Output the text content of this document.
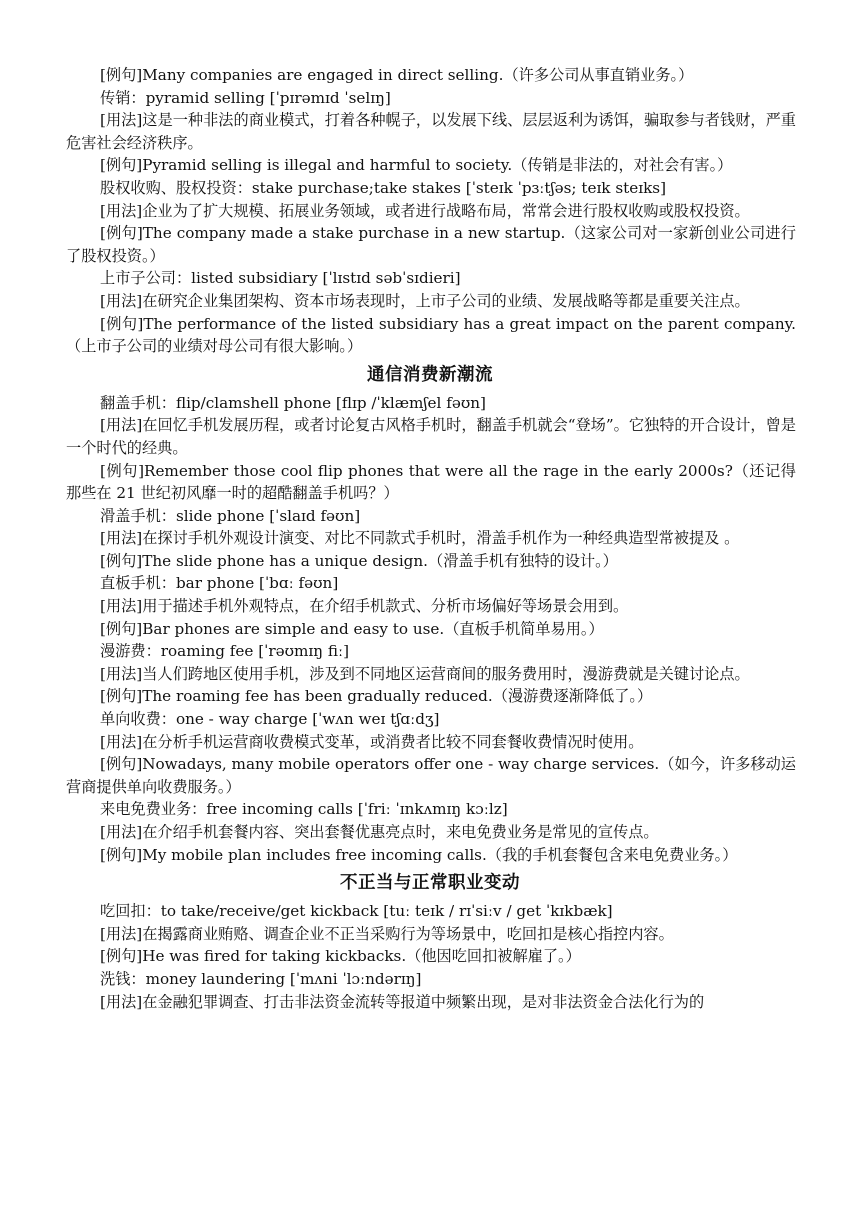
[例句]Many companies are engaged in direct selling.（许多公司从事直销业务。）
传销：pyramid selling [ˈpɪrəmɪd ˈselɪŋ]
[用法]这是一种非法的商业模式，打着各种幌子，以发展下线、层层返利为诱饵，骗取参与者钱财，严重危害社会经济秩序。
[例句]Pyramid selling is illegal and harmful to society.（传销是非法的，对社会有害。）
股权收购、股权投资：stake purchase;take stakes [ˈsteɪk ˈpɜːtʃəs; teɪk steɪks]
[用法]企业为了扩大规模、拓展业务领域，或者进行战略布局，常常会进行股权收购或股权投资。
[例句]The company made a stake purchase in a new startup.（这家公司对一家新创业公司进行了股权投资。）
上市子公司：listed subsidiary [ˈlɪstɪd səbˈsɪdieri]
[用法]在研究企业集团架构、资本市场表现时，上市子公司的业绩、发展战略等都是重要关注点。
[例句]The performance of the listed subsidiary has a great impact on the parent company.（上市子公司的业绩对母公司有很大影响。）
通信消费新潮流
翻盖手机：flip/clamshell phone [flɪp /ˈklæmʃel fəʊn]
[用法]在回忆手机发展历程，或者讨论复古风格手机时，翻盖手机就会“登场”。它独特的开合设计，曾是一个时代的经典。
[例句]Remember those cool flip phones that were all the rage in the early 2000s?（还记得那些在 21 世纪初风靡一时的超酷翻盖手机吗？）
滑盖手机：slide phone [ˈslaɪd fəʊn]
[用法]在探讨手机外观设计演变、对比不同款式手机时，滑盖手机作为一种经典造型常被提及 。
[例句]The slide phone has a unique design.（滑盖手机有独特的设计。）
直板手机：bar phone [ˈbɑː fəʊn]
[用法]用于描述手机外观特点，在介绍手机款式、分析市场偏好等场景会用到。
[例句]Bar phones are simple and easy to use.（直板手机简单易用。）
漫游费：roaming fee [ˈrəʊmɪŋ fiː]
[用法]当人们跨地区使用手机，涉及到不同地区运营商间的服务费用时，漫游费就是关键讨论点。
[例句]The roaming fee has been gradually reduced.（漫游费逐渐降低了。）
单向收费：one - way charge [ˈwʌn weɪ tʃɑːdʒ]
[用法]在分析手机运营商收费模式变革，或消费者比较不同套餐收费情况时使用。
[例句]Nowadays, many mobile operators offer one - way charge services.（如今，许多移动运营商提供单向收费服务。）
来电免费业务：free incoming calls [ˈfriː ˈɪnkʌmɪŋ kɔːlz]
[用法]在介绍手机套餐内容、突出套餐优惠亮点时，来电免费业务是常见的宣传点。
[例句]My mobile plan includes free incoming calls.（我的手机套餐包含来电免费业务。）
不正当与正常职业变动
吃回扣：to take/receive/get kickback [tuː teɪk / rɪˈsiːv / get ˈkɪkbæk]
[用法]在揭露商业贿赂、调查企业不正当采购行为等场景中，吃回扣是核心指控内容。
[例句]He was fired for taking kickbacks.（他因吃回扣被解雇了。）
洗钱：money laundering [ˈmʌni ˈlɔːndərɪŋ]
[用法]在金融犯罪调查、打击非法资金流转等报道中频繁出现，是对非法资金合法化行为的
